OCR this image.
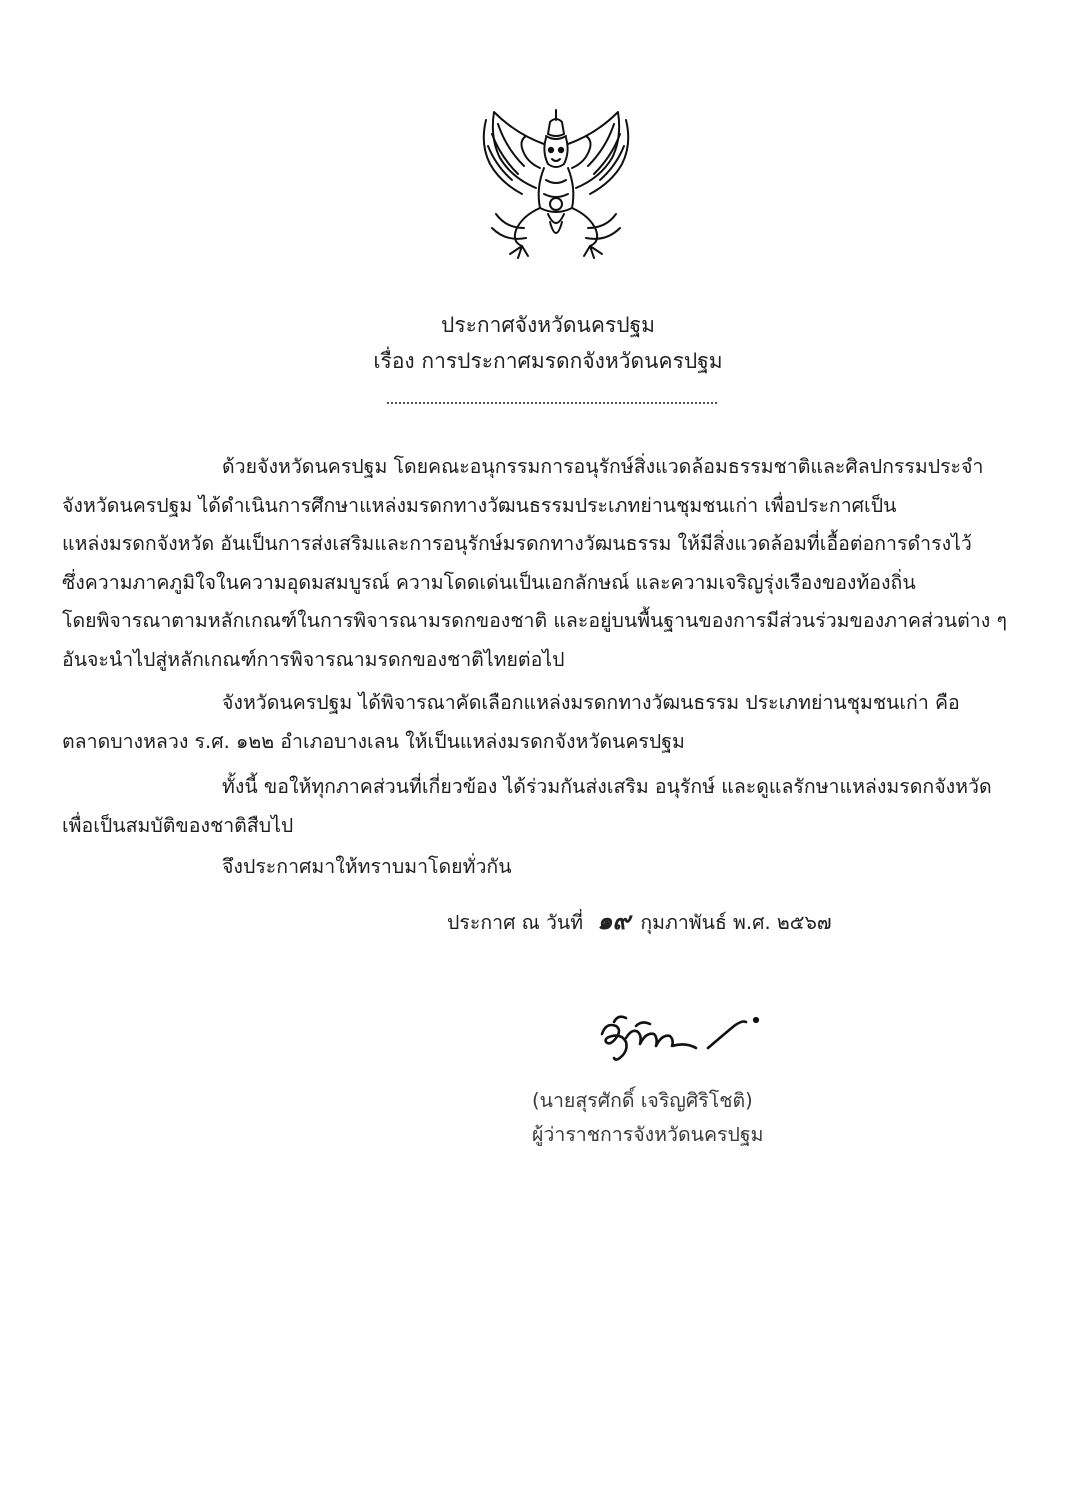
ประกาศจังหวัดนครปฐม
เรื่อง การประกาศมรดกจังหวัดนครปฐม
ด้วยจังหวัดนครปฐม โดยคณะอนุกรรมการอนุรักษ์สิ่งแวดล้อมธรรมชาติและศิลปกรรมประจำ
จังหวัดนครปฐม ได้ดำเนินการศึกษาแหล่งมรดกทางวัฒนธรรมประเภทย่านชุมชนเก่า เพื่อประกาศเป็น
แหล่งมรดกจังหวัด อันเป็นการส่งเสริมและการอนุรักษ์มรดกทางวัฒนธรรม ให้มีสิ่งแวดล้อมที่เอื้อต่อการดำรงไว้
ซึ่งความภาคภูมิใจในความอุดมสมบูรณ์ ความโดดเด่นเป็นเอกลักษณ์ และความเจริญรุ่งเรืองของท้องถิ่น
โดยพิจารณาตามหลักเกณฑ์ในการพิจารณามรดกของชาติ และอยู่บนพื้นฐานของการมีส่วนร่วมของภาคส่วนต่าง ๆ
อันจะนำไปสู่หลักเกณฑ์การพิจารณามรดกของชาติไทยต่อไป
จังหวัดนครปฐม ได้พิจารณาคัดเลือกแหล่งมรดกทางวัฒนธรรม ประเภทย่านชุมชนเก่า คือ
ตลาดบางหลวง ร.ศ. ๑๒๒ อำเภอบางเลน ให้เป็นแหล่งมรดกจังหวัดนครปฐม
ทั้งนี้ ขอให้ทุกภาคส่วนที่เกี่ยวข้อง ได้ร่วมกันส่งเสริม อนุรักษ์ และดูแลรักษาแหล่งมรดกจังหวัด
เพื่อเป็นสมบัติของชาติสืบไป
จึงประกาศมาให้ทราบมาโดยทั่วกัน
ประกาศ ณ วันที่ ๑๙ กุมภาพันธ์ พ.ศ. ๒๕๖๗
(นายสุรศักดิ์ เจริญศิริโชติ)
ผู้ว่าราชการจังหวัดนครปฐม
